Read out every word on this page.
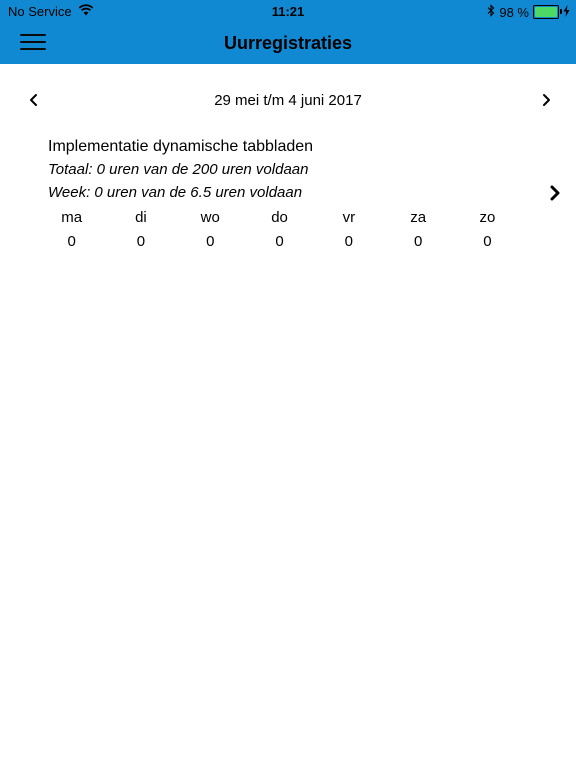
No Service	11:21	98 %
Uurregistraties
29 mei t/m 4 juni 2017
Implementatie dynamische tabbladen
Totaal: 0 uren van de 200 uren voldaan
Week: 0 uren van de 6.5 uren voldaan
ma
0
di
0
wo
0
do
0
vr
0
za
0
zo
0
